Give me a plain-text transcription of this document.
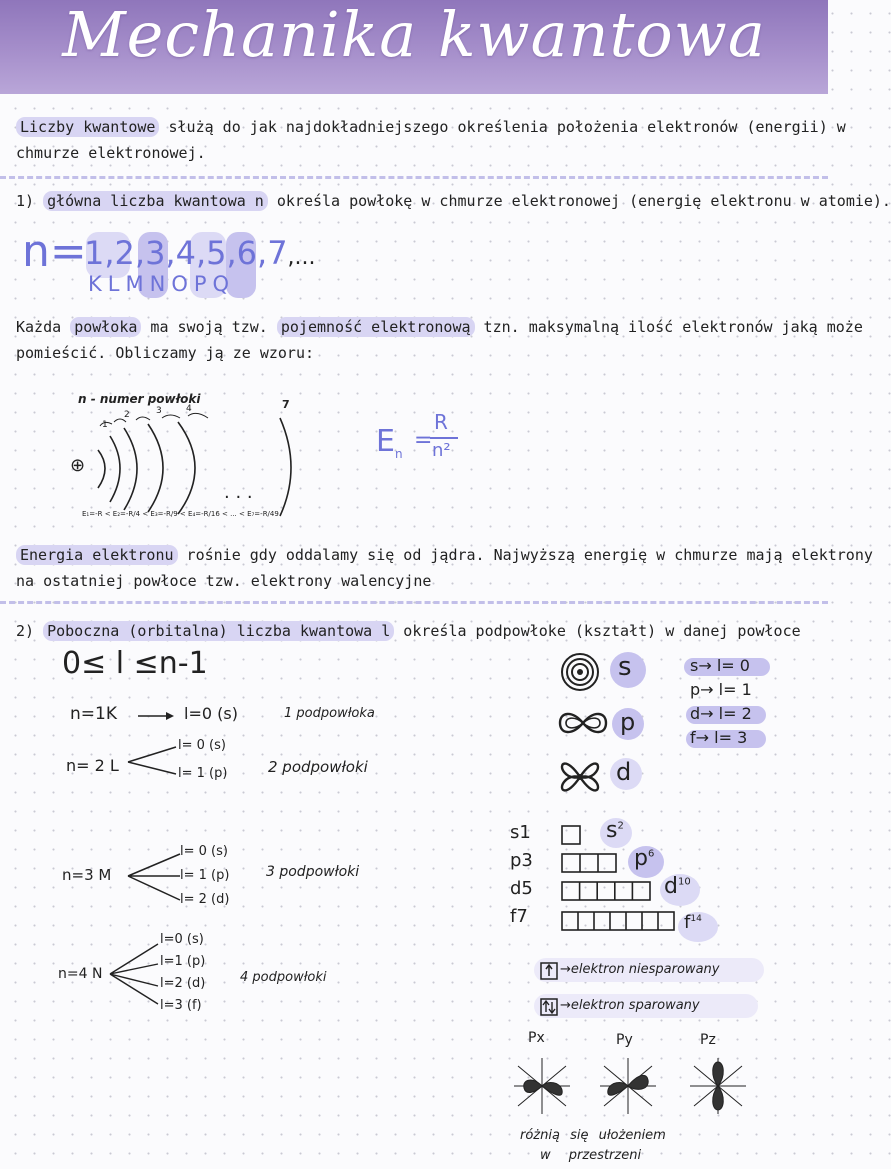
Mechanika kwantowa
Liczby kwantowe służą do jak najdokładniejszego określenia położenia elektronów (energii) w
chmurze elektronowej.
1) główna liczba kwantowa n określa powłokę w chmurze elektronowej (energię elektronu w atomie).
n=
1,2,3,4,5,6,7,...
KLMNOPQ
Każda powłoka ma swoją tzw. pojemność elektronową tzn. maksymalną ilość elektronów jaką może
pomieścić. Obliczamy ją ze wzoru:
n - numer powłoki
1
2	3	4	7
⊕
. . .
E₁=-R < E₂=-R/4 < E₃=-R/9 < E₄=-R/16 < ... < E₇=-R/49
$E_n$
=
R
n²
Energia elektronu rośnie gdy oddalamy się od jądra. Najwyższą energię w chmurze mają elektrony
na ostatniej powłoce tzw. elektrony walencyjne
2) Poboczna (orbitalna) liczba kwantowa l określa podpowłoke (kształt) w danej powłoce
0≤ l ≤n-1
n=1K	l=0 (s)	1 podpowłoka
n= 2 L
l= 0 (s)
l= 1 (p)	2 podpowłoki
n=3 M
l= 0 (s)
l= 1 (p)
l= 2 (d)
3 podpowłoki
n=4 N
l=0 (s)
l=1 (p)
l=2 (d)
l=3 (f)
4 podpowłoki
s
p
d
s→ l= 0
p→ l= 1
d→ l= 2
f→ l= 3
s1
p3
d5
f7
$s^2$
$p^6$
$d^{10}$
$f^{14}$
→elektron niesparowany
→elektron sparowany
Px	Py	Pz
różnią się ułożeniem
w przestrzeni
